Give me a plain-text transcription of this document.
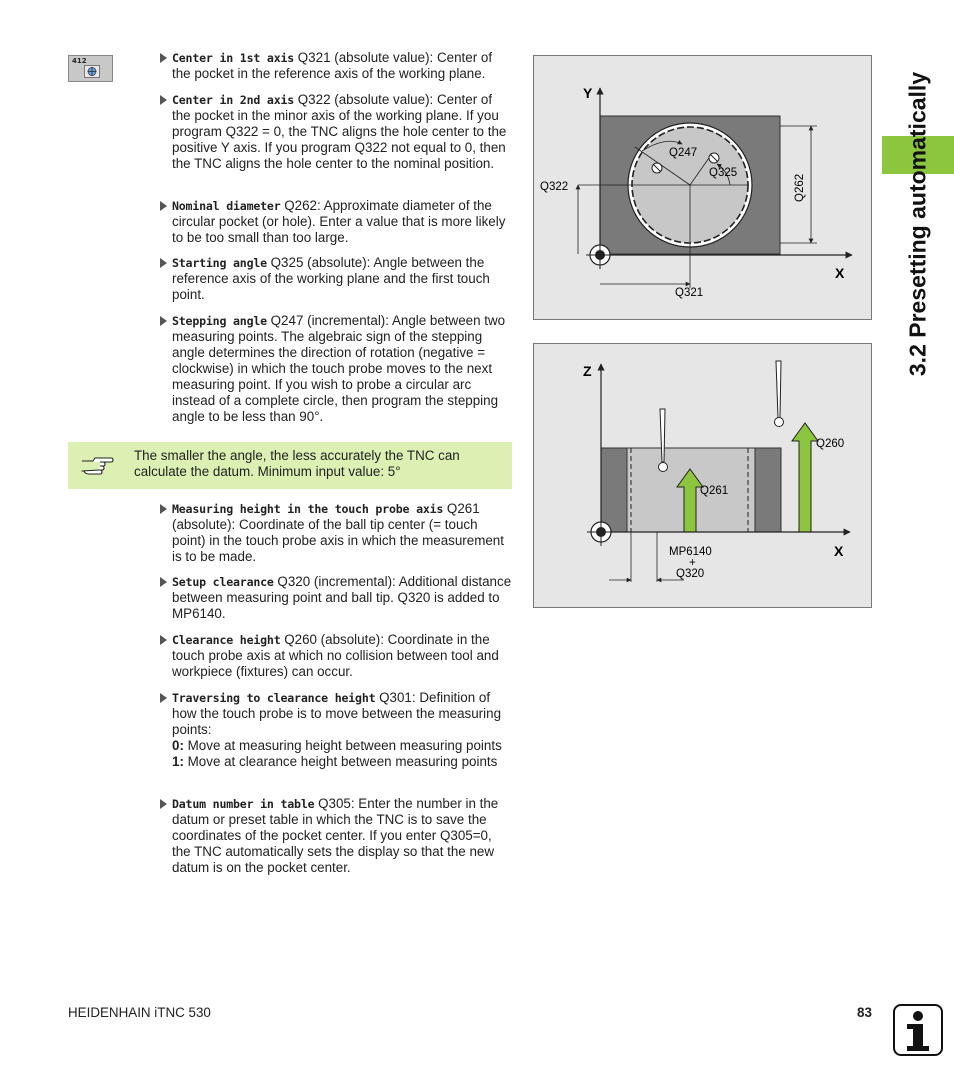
412	Center in 1st axis Q321 (absolute value): Center of the pocket in the reference axis of the working plane.
Center in 2nd axis Q322 (absolute value): Center of the pocket in the minor axis of the working plane. If you program Q322 = 0, the TNC aligns the hole center to the positive Y axis. If you program Q322 not equal to 0, then the TNC aligns the hole center to the nominal position.
Nominal diameter Q262: Approximate diameter of the circular pocket (or hole). Enter a value that is more likely to be too small than too large.
Starting angle Q325 (absolute): Angle between the reference axis of the working plane and the first touch point.
Stepping angle Q247 (incremental): Angle between two measuring points. The algebraic sign of the stepping angle determines the direction of rotation (negative = clockwise) in which the touch probe moves to the next measuring point. If you wish to probe a circular arc instead of a complete circle, then program the stepping angle to be less than 90°.
The smaller the angle, the less accurately the TNC can calculate the datum. Minimum input value: 5°
Measuring height in the touch probe axis Q261 (absolute): Coordinate of the ball tip center (= touch point) in the touch probe axis in which the measurement is to be made.
Setup clearance Q320 (incremental): Additional distance between measuring point and ball tip. Q320 is added to MP6140.
Clearance height Q260 (absolute): Coordinate in the touch probe axis at which no collision between tool and workpiece (fixtures) can occur.
Traversing to clearance height Q301: Definition of how the touch probe is to move between the measuring points:
0: Move at measuring height between measuring points
1: Move at clearance height between measuring points
Datum number in table Q305: Enter the number in the datum or preset table in which the TNC is to save the coordinates of the pocket center. If you enter Q305=0, the TNC automatically sets the display so that the new datum is on the pocket center.
Y
X
Q247
Q325
Q322
Q321
Q262
Z
X
Q260
Q261
MP6140
+
Q320
3.2 Presetting automatically
HEIDENHAIN iTNC 530	83
